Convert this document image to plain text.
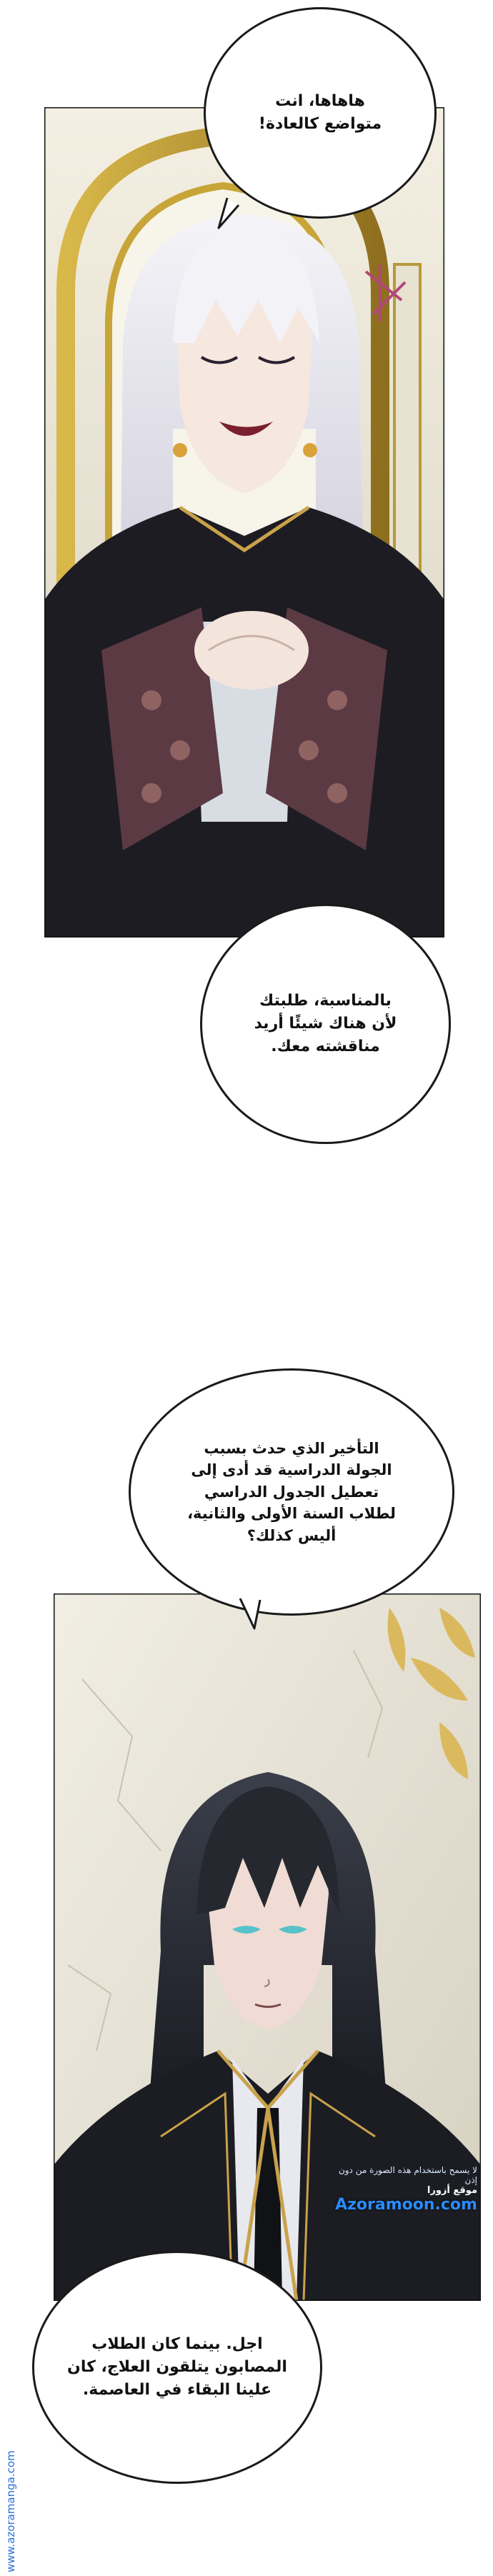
هاهاها، انت
متواضع كالعادة!
بالمناسبة، طلبتك
لأن هناك شيئًا أريد
مناقشته معك.
التأخير الذي حدث بسبب
الجولة الدراسية قد أدى إلى
تعطيل الجدول الدراسي
لطلاب السنة الأولى والثانية،
أليس كذلك؟
لا يسمح باستخدام هذه الصورة من دون إذن
موقع أزورا
Azoramoon.com
اجل. بينما كان الطلاب
المصابون يتلقون العلاج، كان
علينا البقاء في العاصمة.
www.azoramanga.com
